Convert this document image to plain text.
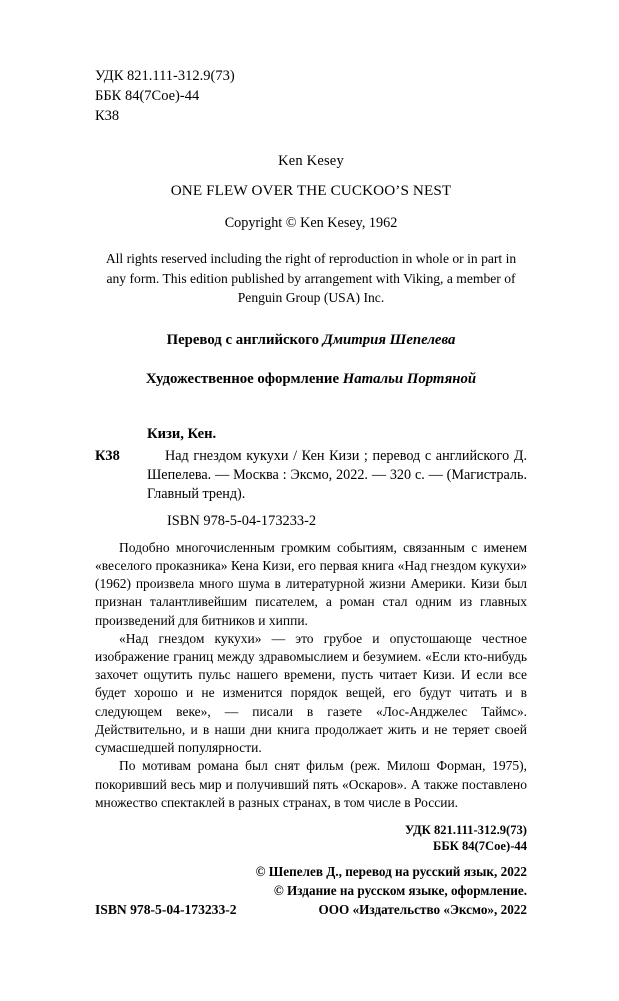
УДК 821.111-312.9(73)
ББК 84(7Сое)-44
К38
Ken Kesey
ONE FLEW OVER THE CUCKOO’S NEST
Copyright © Ken Kesey, 1962
All rights reserved including the right of reproduction in whole or in part in any form. This edition published by arrangement with Viking, a member of Penguin Group (USA) Inc.
Перевод с английского Дмитрия Шепелева
Художественное оформление Натальи Портяной
Кизи, Кен.
К38	Над гнездом кукухи / Кен Кизи ; перевод с английского Д. Шепелева. — Москва : Эксмо, 2022. — 320 с. — (Магистраль. Главный тренд).

ISBN 978-5-04-173233-2

Подобно многочисленным громким событиям, связанным с именем «веселого проказника» Кена Кизи, его первая книга «Над гнездом кукухи» (1962) произвела много шума в литературной жизни Америки. Кизи был признан талантливейшим писателем, а роман стал одним из главных произведений для битников и хиппи.

«Над гнездом кукухи» — это грубое и опустошающе честное изображение границ между здравомыслием и безумием. «Если кто-нибудь захочет ощутить пульс нашего времени, пусть читает Кизи. И если все будет хорошо и не изменится порядок вещей, его будут читать и в следующем веке», — писали в газете «Лос-Анджелес Таймс». Действительно, и в наши дни книга продолжает жить и не теряет своей сумасшедшей популярности.

По мотивам романа был снят фильм (реж. Милош Форман, 1975), покоривший весь мир и получивший пять «Оскаров». А также поставлено множество спектаклей в разных странах, в том числе в России.

УДК 821.111-312.9(73)
ББК 84(7Сое)-44
ISBN 978-5-04-173233-2
© Шепелев Д., перевод на русский язык, 2022
© Издание на русском языке, оформление.
ООО «Издательство «Эксмо», 2022
